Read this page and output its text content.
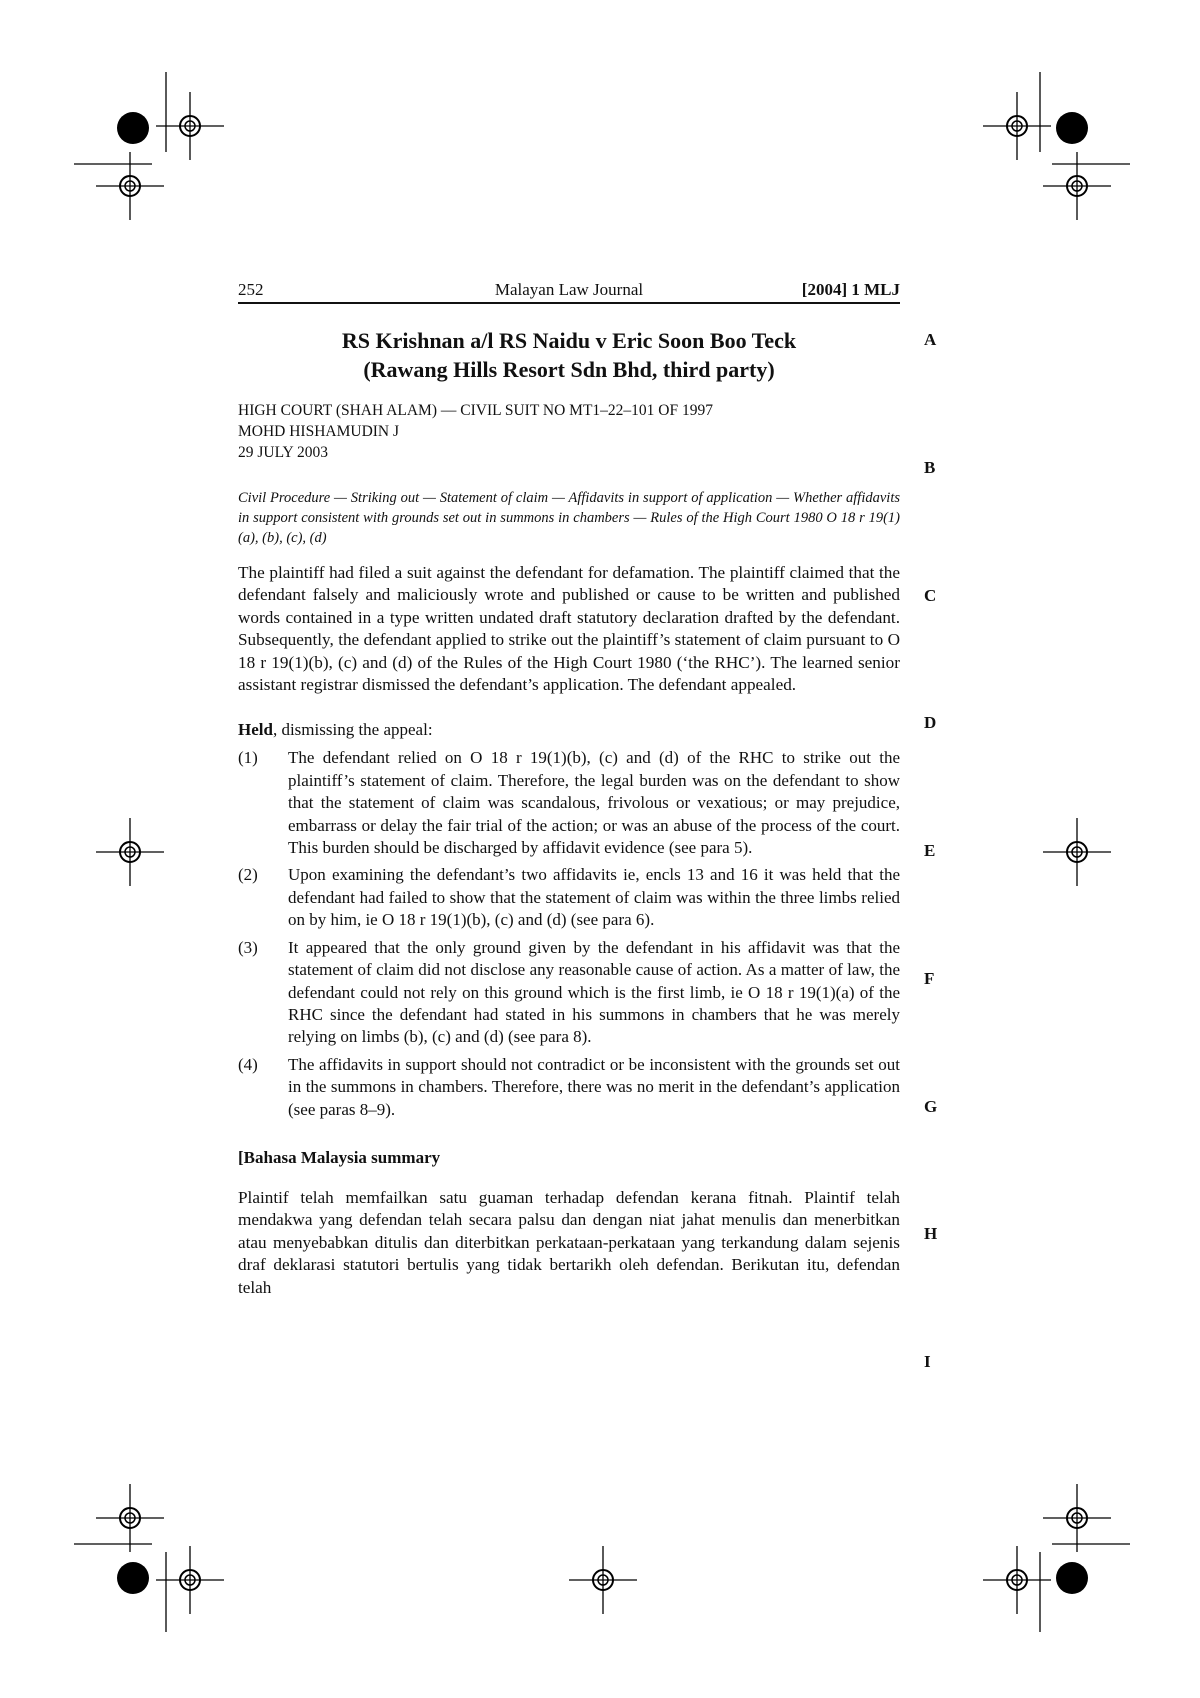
A
B
C
D
E
F
G
H
I
252	Malayan Law Journal	[2004] 1 MLJ
RS Krishnan a/l RS Naidu v Eric Soon Boo Teck
(Rawang Hills Resort Sdn Bhd, third party)
HIGH COURT (SHAH ALAM) — CIVIL SUIT NO MT1–22–101 OF 1997
MOHD HISHAMUDIN J
29 JULY 2003
Civil Procedure — Striking out — Statement of claim — Affidavits in support of application — Whether affidavits in support consistent with grounds set out in summons in chambers — Rules of the High Court 1980 O 18 r 19(1)(a), (b), (c), (d)
The plaintiff had filed a suit against the defendant for defamation. The plaintiff claimed that the defendant falsely and maliciously wrote and published or cause to be written and published words contained in a type written undated draft statutory declaration drafted by the defendant. Subsequently, the defendant applied to strike out the plaintiff’s statement of claim pursuant to O 18 r 19(1)(b), (c) and (d) of the Rules of the High Court 1980 (‘the RHC’). The learned senior assistant registrar dismissed the defendant’s application. The defendant appealed.
Held, dismissing the appeal:
(1) The defendant relied on O 18 r 19(1)(b), (c) and (d) of the RHC to strike out the plaintiff’s statement of claim. Therefore, the legal burden was on the defendant to show that the statement of claim was scandalous, frivolous or vexatious; or may prejudice, embarrass or delay the fair trial of the action; or was an abuse of the process of the court. This burden should be discharged by affidavit evidence (see para 5).
(2) Upon examining the defendant’s two affidavits ie, encls 13 and 16 it was held that the defendant had failed to show that the statement of claim was within the three limbs relied on by him, ie O 18 r 19(1)(b), (c) and (d) (see para 6).
(3) It appeared that the only ground given by the defendant in his affidavit was that the statement of claim did not disclose any reasonable cause of action. As a matter of law, the defendant could not rely on this ground which is the first limb, ie O 18 r 19(1)(a) of the RHC since the defendant had stated in his summons in chambers that he was merely relying on limbs (b), (c) and (d) (see para 8).
(4) The affidavits in support should not contradict or be inconsistent with the grounds set out in the summons in chambers. Therefore, there was no merit in the defendant’s application (see paras 8–9).
[Bahasa Malaysia summary
Plaintif telah memfailkan satu guaman terhadap defendan kerana fitnah. Plaintif telah mendakwa yang defendan telah secara palsu dan dengan niat jahat menulis dan menerbitkan atau menyebabkan ditulis dan diterbitkan perkataan-perkataan yang terkandung dalam sejenis draf deklarasi statutori bertulis yang tidak bertarikh oleh defendan. Berikutan itu, defendan telah
